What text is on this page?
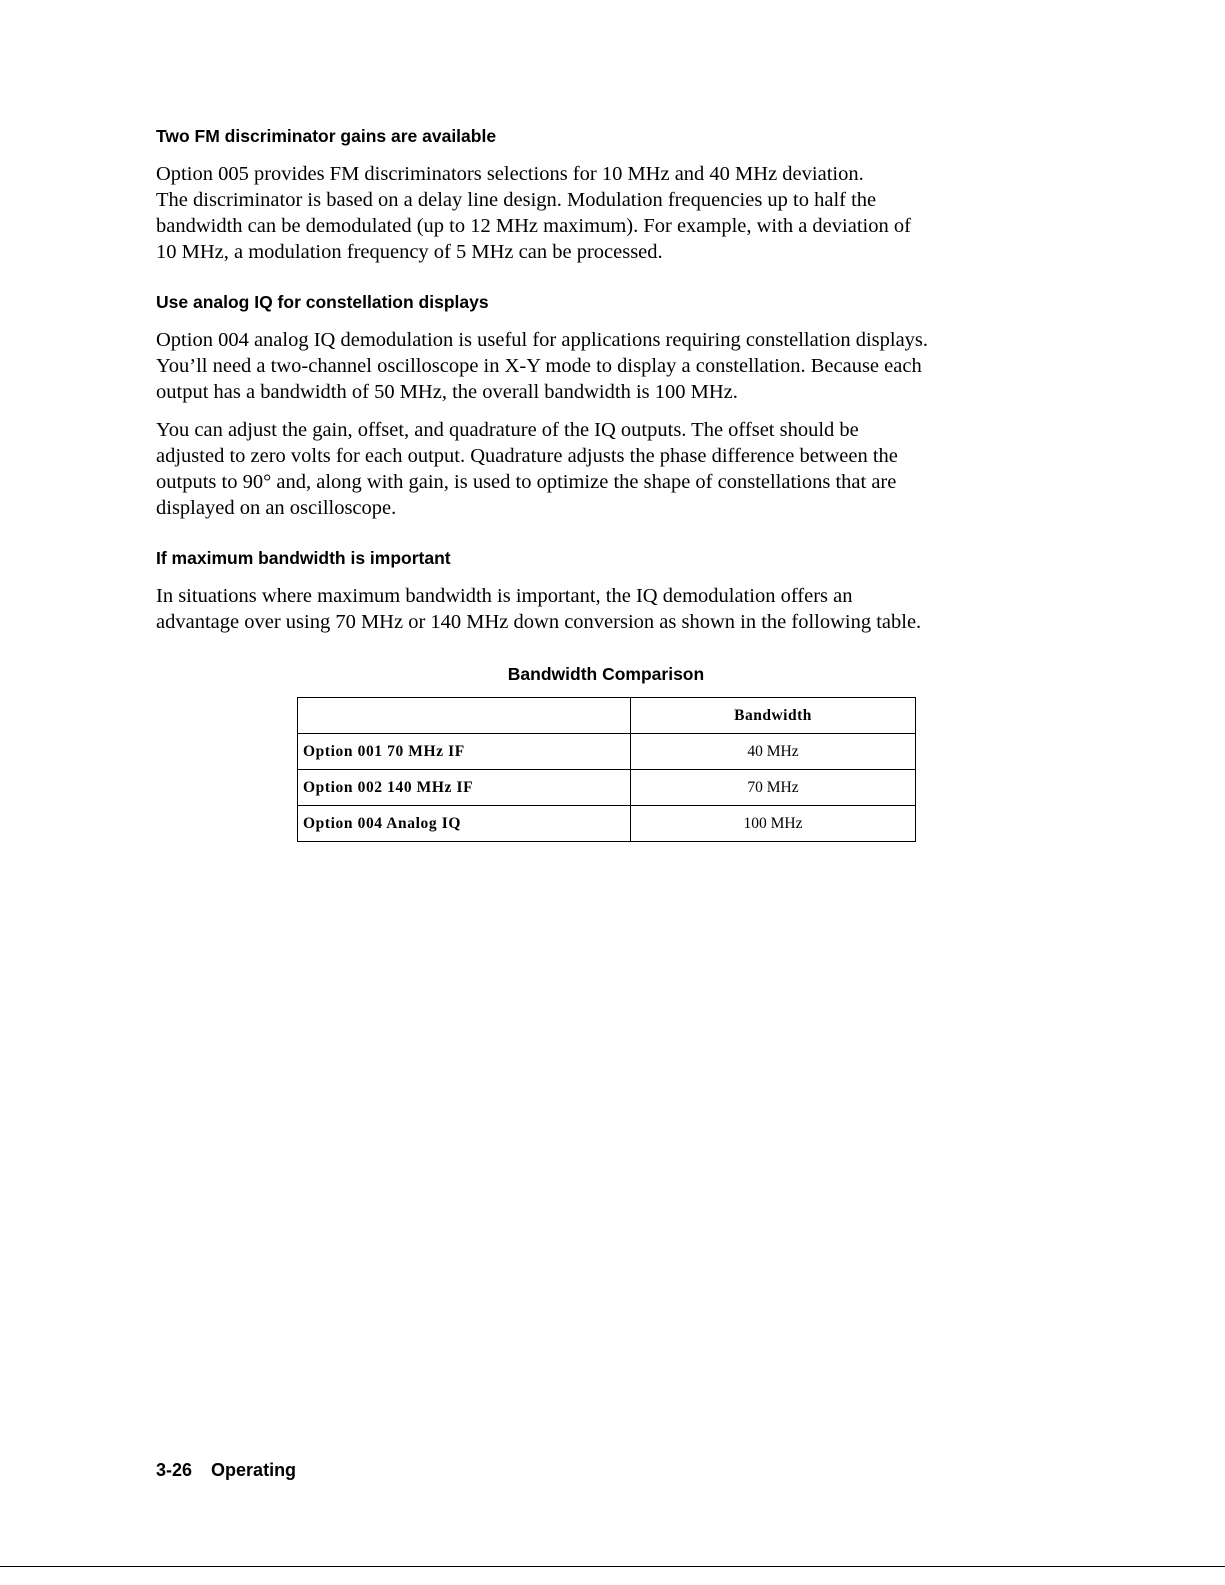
Two FM discriminator gains are available

Option 005 provides FM discriminators selections for 10 MHz and 40 MHz deviation.
The discriminator is based on a delay line design. Modulation frequencies up to half the
bandwidth can be demodulated (up to 12 MHz maximum). For example, with a deviation of
10 MHz, a modulation frequency of 5 MHz can be processed.

Use analog IQ for constellation displays

Option 004 analog IQ demodulation is useful for applications requiring constellation displays.
You’ll need a two-channel oscilloscope in X-Y mode to display a constellation. Because each
output has a bandwidth of 50 MHz, the overall bandwidth is 100 MHz.

You can adjust the gain, offset, and quadrature of the IQ outputs. The offset should be
adjusted to zero volts for each output. Quadrature adjusts the phase difference between the
outputs to 90° and, along with gain, is used to optimize the shape of constellations that are
displayed on an oscilloscope.

If maximum bandwidth is important

In situations where maximum bandwidth is important, the IQ demodulation offers an
advantage over using 70 MHz or 140 MHz down conversion as shown in the following table.

Bandwidth Comparison
	Bandwidth
Option 001 70 MHz IF	40 MHz
Option 002 140 MHz IF	70 MHz
Option 004 Analog IQ	100 MHz
3-26 Operating
